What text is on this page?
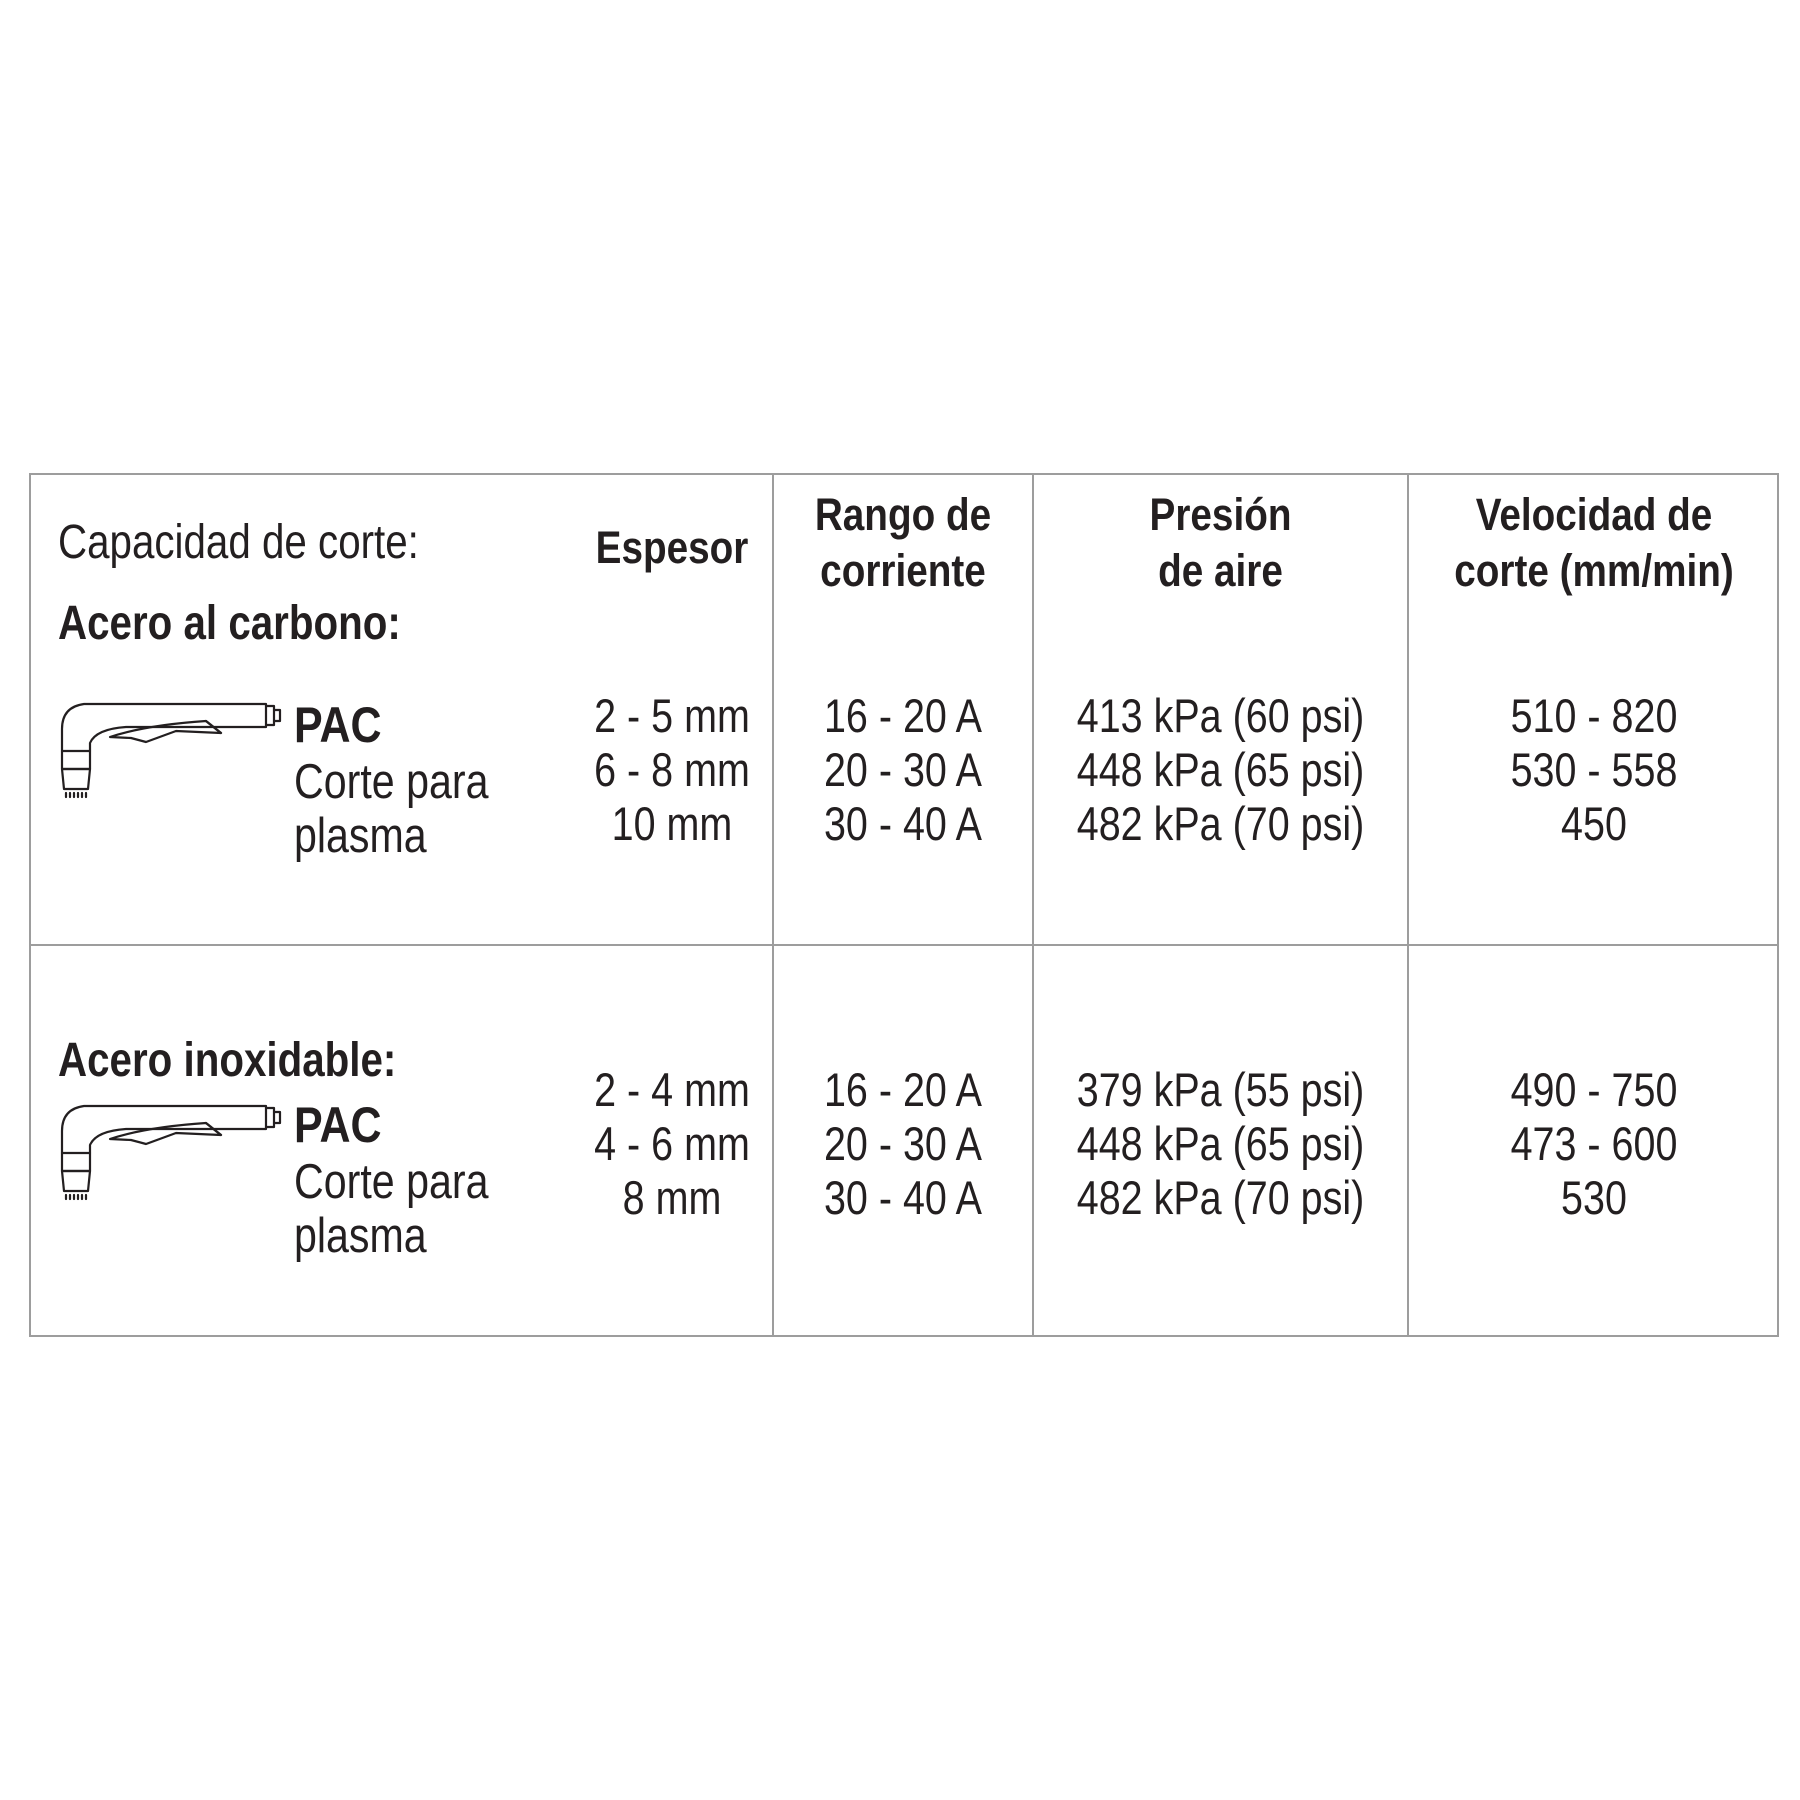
Capacidad de corte:	Espesor
Rango de
corriente
Presión
de aire
Velocidad de
corte (mm/min)
Acero al carbono:
PAC
Corte para
plasma
2 - 5 mm
6 - 8 mm
10 mm
16 - 20 A
20 - 30 A
30 - 40 A
413 kPa (60 psi)
448 kPa (65 psi)
482 kPa (70 psi)
510 - 820
530 - 558
450
Acero inoxidable:
PAC
Corte para
plasma
2 - 4 mm
4 - 6 mm
8 mm
16 - 20 A
20 - 30 A
30 - 40 A
379 kPa (55 psi)
448 kPa (65 psi)
482 kPa (70 psi)
490 - 750
473 - 600
530
